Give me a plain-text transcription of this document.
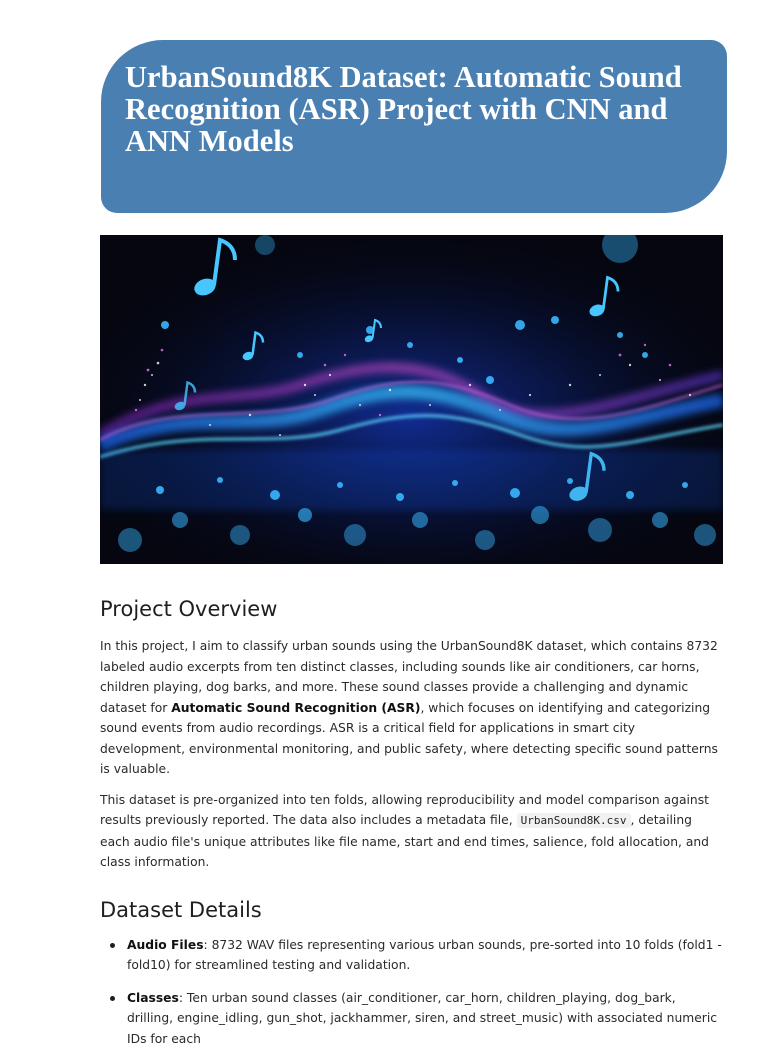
UrbanSound8K Dataset: Automatic Sound Recognition (ASR) Project with CNN and ANN Models
Project Overview

In this project, I aim to classify urban sounds using the UrbanSound8K dataset, which contains 8732 labeled audio excerpts from ten distinct classes, including sounds like air conditioners, car horns, children playing, dog barks, and more. These sound classes provide a challenging and dynamic dataset for Automatic Sound Recognition (ASR), which focuses on identifying and categorizing sound events from audio recordings. ASR is a critical field for applications in smart city development, environmental monitoring, and public safety, where detecting specific sound patterns is valuable.

This dataset is pre-organized into ten folds, allowing reproducibility and model comparison against results previously reported. The data also includes a metadata file, UrbanSound8K.csv , detailing each audio file's unique attributes like file name, start and end times, salience, fold allocation, and class information.

Dataset Details
Audio Files: 8732 WAV files representing various urban sounds, pre-sorted into 10 folds (fold1 - fold10) for streamlined testing and validation.
Classes: Ten urban sound classes (air_conditioner, car_horn, children_playing, dog_bark, drilling, engine_idling, gun_shot, jackhammer, siren, and street_music) with associated numeric IDs for each
